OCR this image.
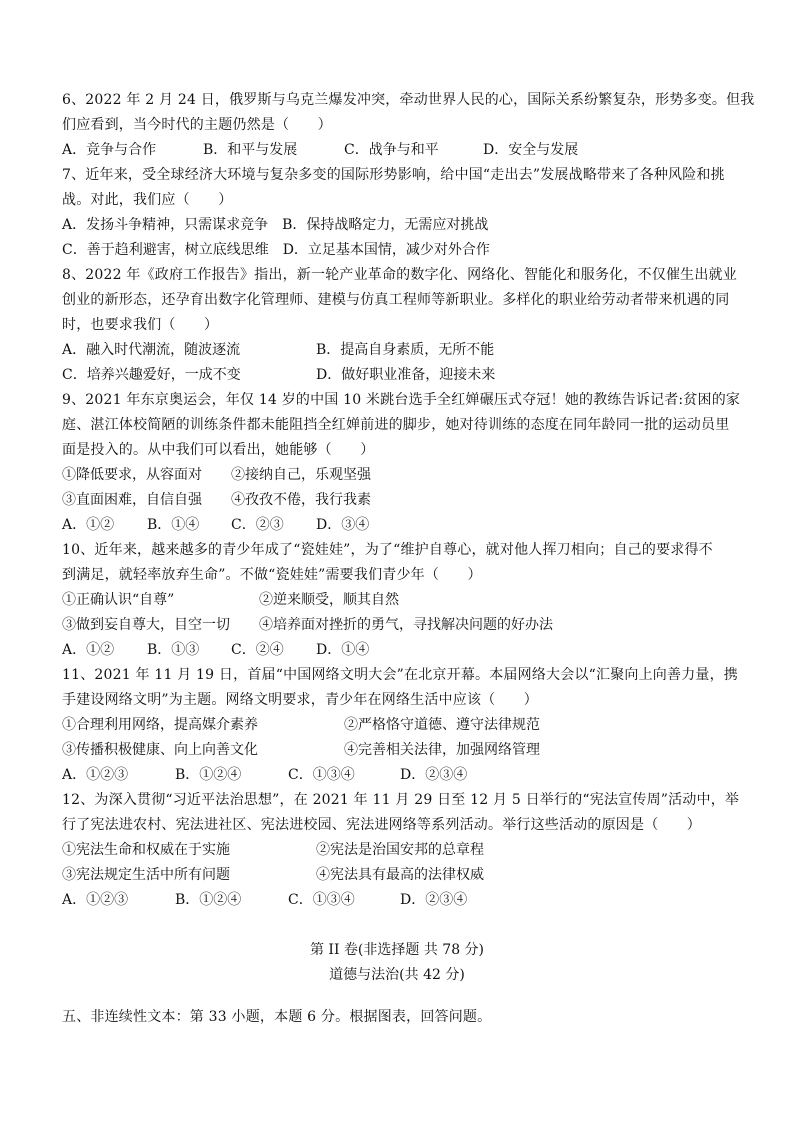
6、2022 年 2 月 24 日，俄罗斯与乌克兰爆发冲突，牵动世界人民的心，国际关系纷繁复杂，形势多变。但我
们应看到，当今时代的主题仍然是（　　）
A．竞争与合作	B．和平与发展	C．战争与和平	D．安全与发展
7、近年来，受全球经济大环境与复杂多变的国际形势影响，给中国“走出去”发展战略带来了各种风险和挑
战。对此，我们应（　　）
A．发扬斗争精神，只需谋求竞争　B．保持战略定力，无需应对挑战
C．善于趋利避害，树立底线思维　D．立足基本国情，减少对外合作
8、2022 年《政府工作报告》指出，新一轮产业革命的数字化、网络化、智能化和服务化，不仅催生出就业
创业的新形态，还孕育出数字化管理师、建模与仿真工程师等新职业。多样化的职业给劳动者带来机遇的同
时，也要求我们（　　）
A．融入时代潮流，随波逐流	B．提高自身素质，无所不能
C．培养兴趣爱好，一成不变	D．做好职业准备，迎接未来
9、2021 年东京奥运会，年仅 14 岁的中国 10 米跳台选手全红婵碾压式夺冠！她的教练告诉记者:贫困的家
庭、湛江体校简陋的训练条件都未能阻挡全红婵前进的脚步，她对待训练的态度在同年龄同一批的运动员里
面是投入的。从中我们可以看出，她能够（　　）
①降低要求，从容面对 ②接纳自己，乐观坚强
③直面困难，自信自强 ④孜孜不倦，我行我素
A．①② B．①④ C．②③ D．③④
10、近年来，越来越多的青少年成了“瓷娃娃”，为了“维护自尊心，就对他人挥刀相向；自己的要求得不
到满足，就轻率放弃生命”。不做“瓷娃娃”需要我们青少年（　　）
①正确认识“自尊”	②逆来顺受，顺其自然
③做到妄自尊大，目空一切 ④培养面对挫折的勇气，寻找解决问题的好办法
A．①② B．①③ C．②④ D．①④
11、2021 年 11 月 19 日，首届“中国网络文明大会”在北京开幕。本届网络大会以“汇聚向上向善力量，携
手建设网络文明”为主题。网络文明要求，青少年在网络生活中应该（　　）
①合理利用网络，提高媒介素养	②严格恪守道德、遵守法律规范
③传播积极健康、向上向善文化	④完善相关法律，加强网络管理
A．①②③	B．①②④	C．①③④	D．②③④
12、为深入贯彻“习近平法治思想”，在 2021 年 11 月 29 日至 12 月 5 日举行的“宪法宣传周”活动中，举
行了宪法进农村、宪法进社区、宪法进校园、宪法进网络等系列活动。举行这些活动的原因是（　　）
①宪法生命和权威在于实施	②宪法是治国安邦的总章程
③宪法规定生活中所有问题	④宪法具有最高的法律权威
A．①②③	B．①②④	C．①③④	D．②③④
第 II 卷(非选择题 共 78 分)
道德与法治(共 42 分)
五、非连续性文本：第 33 小题，本题 6 分。根据图表，回答问题。
